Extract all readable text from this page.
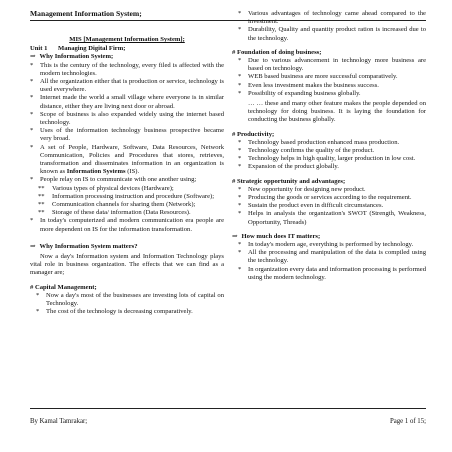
Management Information System;
MIS [Management Information System];
Unit 1	Managing Digital Firm;
⇒ Why Information System;
* This is the century of the technology, every filed is affected with the modern technologies.
* All the organization either that is production or service, technology is used everywhere.
* Internet made the world a small village where everyone is in similar distance, either they are living next door or abroad.
* Scope of business is also expanded widely using the internet based technology.
* Uses of the information technology business prospective became very broad.
* A set of People, Hardware, Software, Data Resources, Network Communication, Policies and Procedures that stores, retrieves, transformation and disseminates information in an organization is known as Information Systems (IS).
* People relay on IS to communicate with one another using;
** Various types of physical devices (Hardware);
** Information processing instruction and procedure (Software);
** Communication channels for sharing them (Network);
** Storage of these data/ information (Data Resources).
* In today's computerized and modern communication era people are more dependent on IS for the information transformation.
⇒ Why Information System matters?
Now a day's Information system and Information Technology plays vital role in business organization. The effects that we can find as a manager are;
# Capital Management;
* Now a day's most of the businesses are investing lots of capital on Technology.
* The cost of the technology is decreasing comparatively.
* Various advantages of technology came ahead compared to the investment.
* Durability, Quality and quantity product ration is increased due to the technology.
# Foundation of doing business;
* Due to various advancement in technology more business are based on technology.
* WEB based business are more successful comparatively.
* Even less investment makes the business success.
* Possibility of expanding business globally.
… … these and many other feature makes the people depended on technology for doing business. It is laying the foundation for conducting the business globally.
# Productivity;
* Technology based production enhanced mass production.
* Technology confirms the quality of the product.
* Technology helps in high quality, larger production in low cost.
* Expansion of the product globally.
# Strategic opportunity and advantages;
* New opportunity for designing new product.
* Producing the goods or services according to the requirement.
* Sustain the product even in difficult circumstances.
* Helps in analysis the organization's SWOT (Strength, Weakness, Opportunity, Threads)
⇒ How much does IT matters;
* In today's modern age, everything is performed by technology.
* All the processing and manipulation of the data is compiled using the technology.
* In organization every data and information processing is performed using the modern technology.
By Kamal Tamrakar;	Page 1 of 15;
